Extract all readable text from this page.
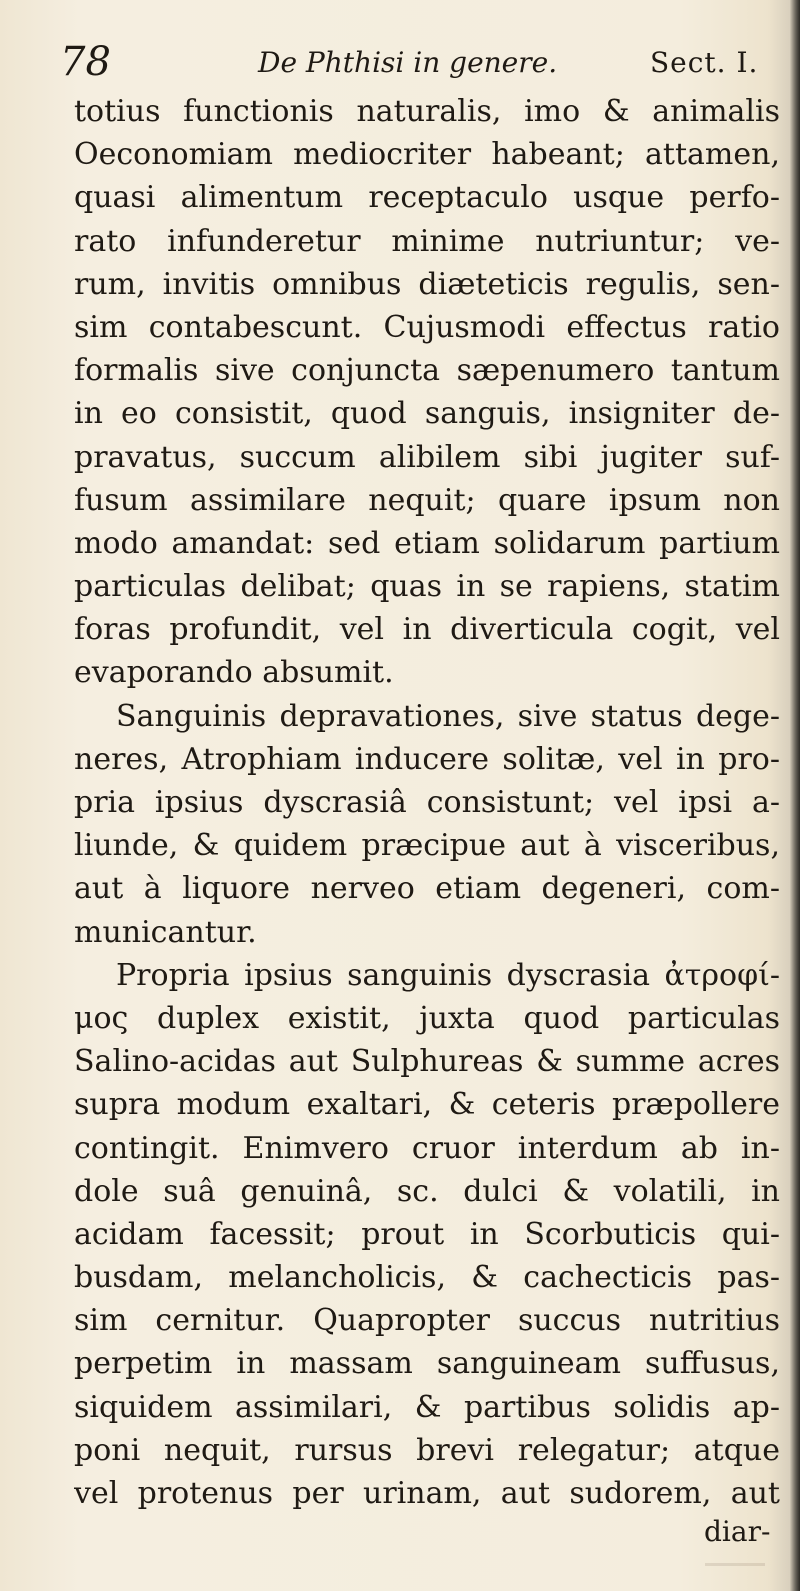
78	De Phthisi in genere.	Sect. I.
totius functionis naturalis, imo & animalis
Oeconomiam mediocriter habeant; attamen,
quasi alimentum receptaculo usque perfo-
rato infunderetur minime nutriuntur; ve-
rum, invitis omnibus diæteticis regulis, sen-
sim contabescunt. Cujusmodi effectus ratio
formalis sive conjuncta sæpenumero tantum
in eo consistit, quod sanguis, insigniter de-
pravatus, succum alibilem sibi jugiter suf-
fusum assimilare nequit; quare ipsum non
modo amandat: sed etiam solidarum partium
particulas delibat; quas in se rapiens, statim
foras profundit, vel in diverticula cogit, vel
evaporando absumit.
Sanguinis depravationes, sive status dege-
neres, Atrophiam inducere solitæ, vel in pro-
pria ipsius dyscrasiâ consistunt; vel ipsi a-
liunde, & quidem præcipue aut à visceribus,
aut à liquore nerveo etiam degeneri, com-
municantur.
Propria ipsius sanguinis dyscrasia ἀτροφί-
μος duplex existit, juxta quod particulas
Salino-acidas aut Sulphureas & summe acres
supra modum exaltari, & ceteris præpollere
contingit. Enimvero cruor interdum ab in-
dole suâ genuinâ, sc. dulci & volatili, in
acidam facessit; prout in Scorbuticis qui-
busdam, melancholicis, & cachecticis pas-
sim cernitur. Quapropter succus nutritius
perpetim in massam sanguineam suffusus,
siquidem assimilari, & partibus solidis ap-
poni nequit, rursus brevi relegatur; atque
vel protenus per urinam, aut sudorem, aut
diar-
